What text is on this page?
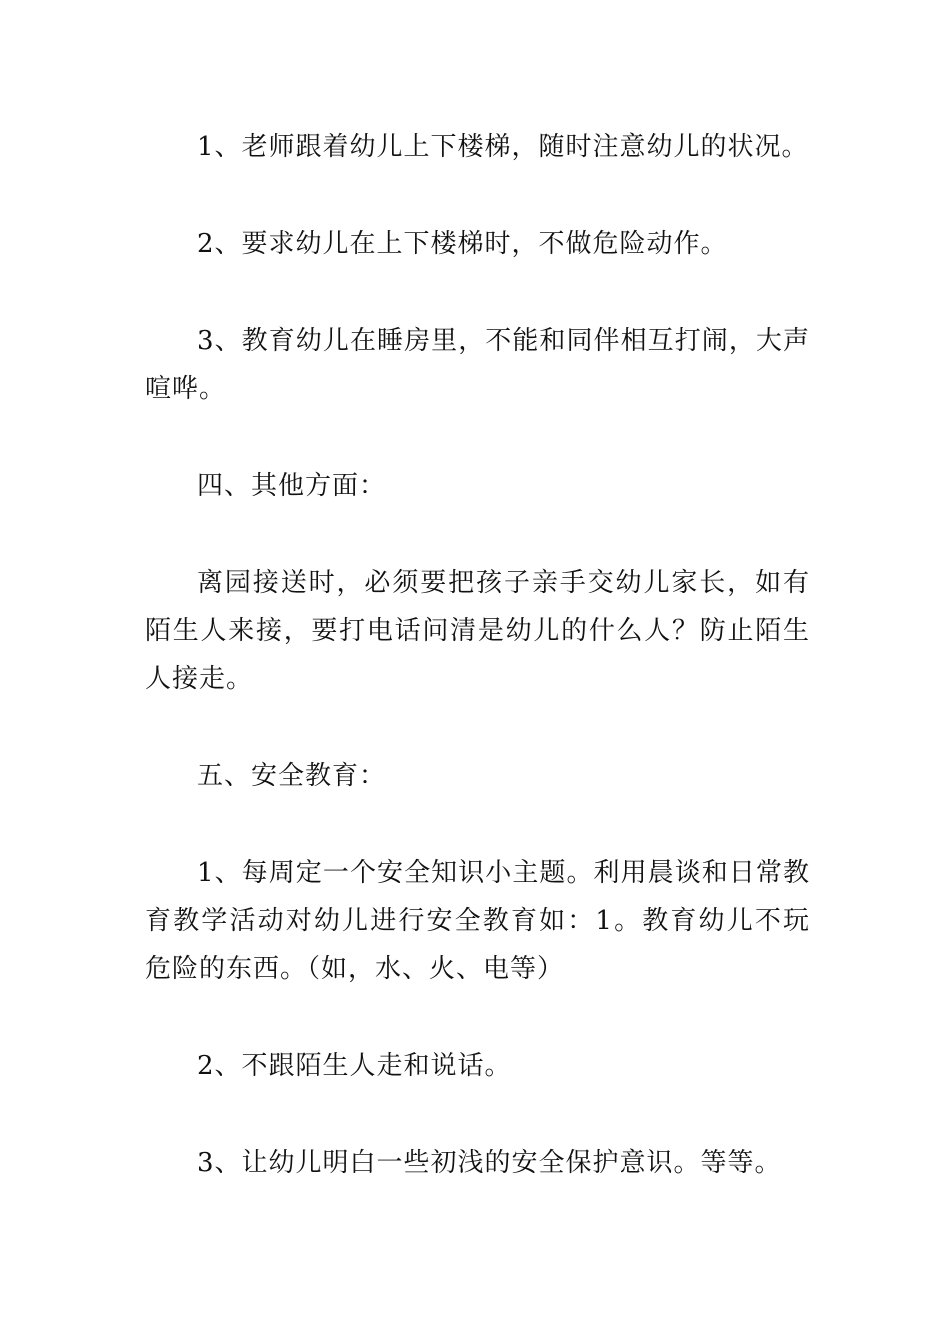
1、老师跟着幼儿上下楼梯，随时注意幼儿的状况。

2、要求幼儿在上下楼梯时，不做危险动作。

3、教育幼儿在睡房里，不能和同伴相互打闹，大声喧哗。

四、其他方面：

离园接送时，必须要把孩子亲手交幼儿家长，如有陌生人来接，要打电话问清是幼儿的什么人？防止陌生人接走。

五、安全教育：

1、每周定一个安全知识小主题。利用晨谈和日常教育教学活动对幼儿进行安全教育如：1。教育幼儿不玩危险的东西。（如，水、火、电等）

2、不跟陌生人走和说话。

3、让幼儿明白一些初浅的安全保护意识。等等。
